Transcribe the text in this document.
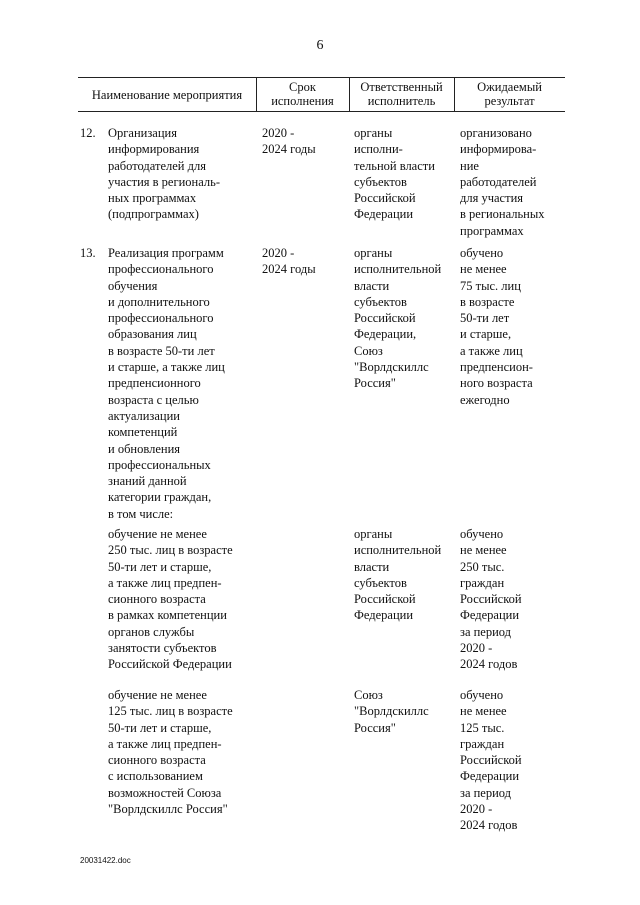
6
Наименование мероприятия
Срок
исполнения
Ответственный
исполнитель
Ожидаемый
результат
12. Организация
информирования
работодателей для
участия в региональ-
ных программах
(подпрограммах)
2020 -
2024 годы
органы
исполни-
тельной власти
субъектов
Российской
Федерации
организовано
информирова-
ние
работодателей
для участия
в региональных
программах
13. Реализация программ
профессионального
обучения
и дополнительного
профессионального
образования лиц
в возрасте 50-ти лет
и старше, а также лиц
предпенсионного
возраста с целью
актуализации
компетенций
и обновления
профессиональных
знаний данной
категории граждан,
в том числе:
2020 -
2024 годы
органы
исполнительной
власти
субъектов
Российской
Федерации,
Союз
"Ворлдскиллс
Россия"
обучено
не менее
75 тыс. лиц
в возрасте
50-ти лет
и старше,
а также лиц
предпенсион-
ного возраста
ежегодно
обучение не менее
250 тыс. лиц в возрасте
50-ти лет и старше,
а также лиц предпен-
сионного возраста
в рамках компетенции
органов службы
занятости субъектов
Российской Федерации
органы
исполнительной
власти
субъектов
Российской
Федерации
обучено
не менее
250 тыс.
граждан
Российской
Федерации
за период
2020 -
2024 годов
обучение не менее
125 тыс. лиц в возрасте
50-ти лет и старше,
а также лиц предпен-
сионного возраста
с использованием
возможностей Союза
"Ворлдскиллс Россия"
Союз
"Ворлдскиллс
Россия"
обучено
не менее
125 тыс.
граждан
Российской
Федерации
за период
2020 -
2024 годов
20031422.doc
